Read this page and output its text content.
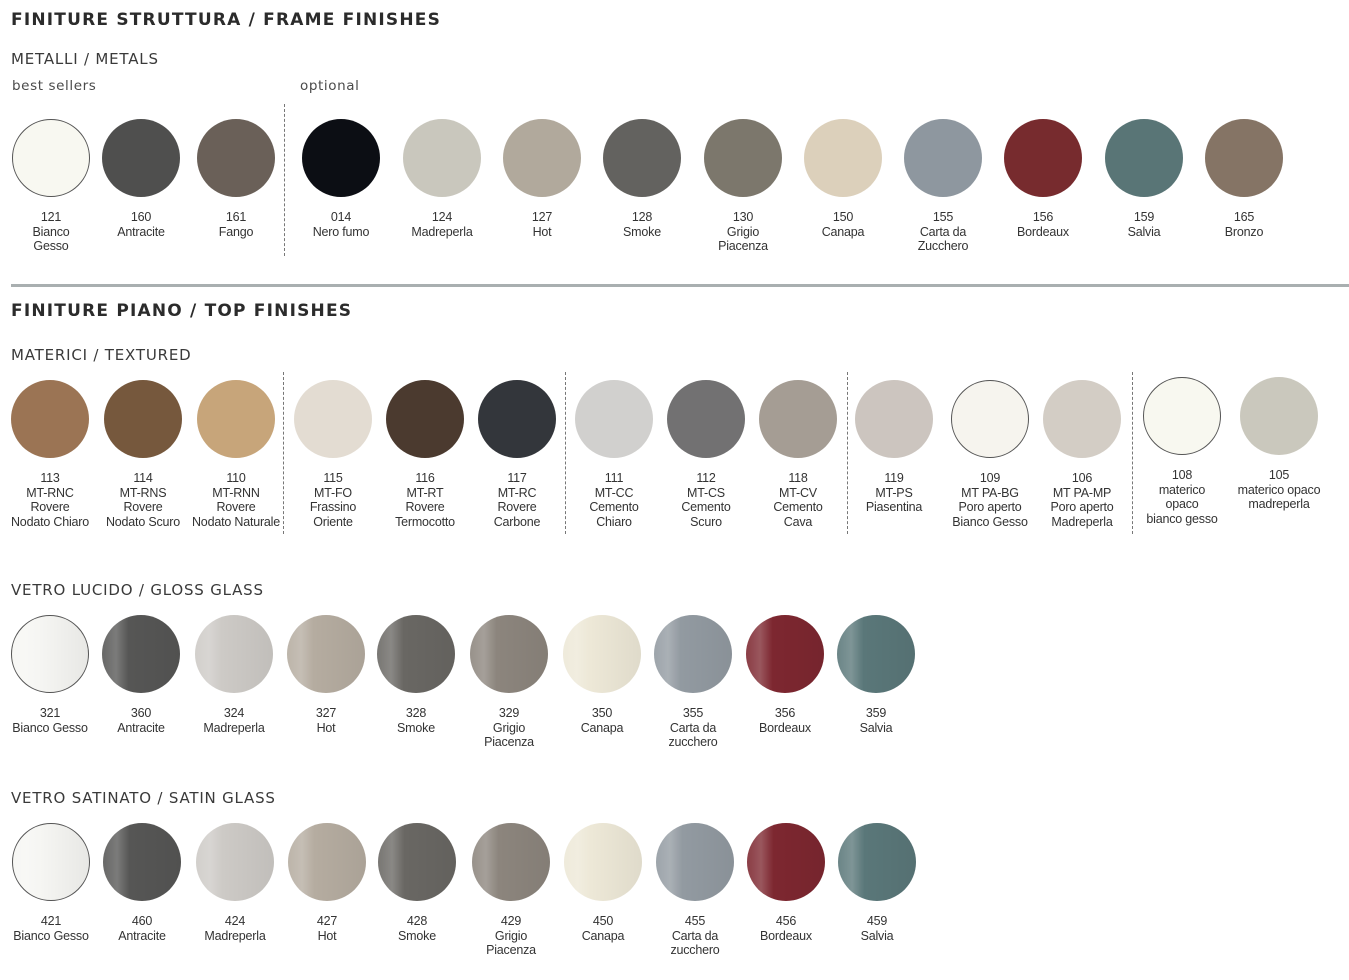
FINITURE STRUTTURA / FRAME FINISHES
METALLI / METALS
best sellers	optional
121
Bianco
Gesso
160
Antracite
161
Fango
014
Nero fumo
124
Madreperla
127
Hot
128
Smoke
130
Grigio
Piacenza
150
Canapa
155
Carta da
Zucchero
156
Bordeaux
159
Salvia
165
Bronzo
FINITURE PIANO / TOP FINISHES
MATERICI / TEXTURED
113
MT-RNC
Rovere
Nodato Chiaro
114
MT-RNS
Rovere
Nodato Scuro
110
MT-RNN
Rovere
Nodato Naturale
115
MT-FO
Frassino
Oriente
116
MT-RT
Rovere
Termocotto
117
MT-RC
Rovere
Carbone
111
MT-CC
Cemento
Chiaro
112
MT-CS
Cemento
Scuro
118
MT-CV
Cemento
Cava
119
MT-PS
Piasentina
109
MT PA-BG
Poro aperto
Bianco Gesso
106
MT PA-MP
Poro aperto
Madreperla
108
materico
opaco
bianco gesso
105
materico opaco
madreperla
VETRO LUCIDO / GLOSS GLASS
321
Bianco Gesso
360
Antracite
324
Madreperla
327
Hot
328
Smoke
329
Grigio
Piacenza
350
Canapa
355
Carta da
zucchero
356
Bordeaux
359
Salvia
VETRO SATINATO / SATIN GLASS
421
Bianco Gesso
460
Antracite
424
Madreperla
427
Hot
428
Smoke
429
Grigio
Piacenza
450
Canapa
455
Carta da
zucchero
456
Bordeaux
459
Salvia
